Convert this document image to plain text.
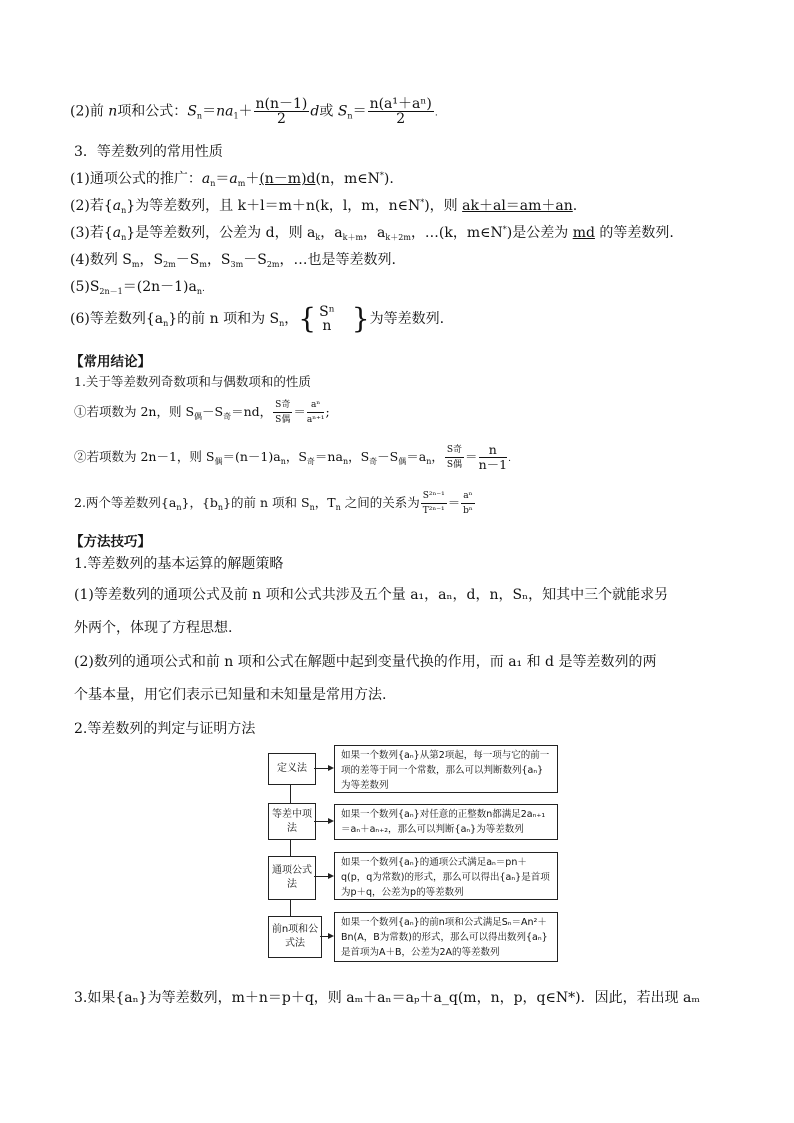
(2)前 n项和公式：$S_n=na_1+ \frac{n(n-1)}{2}$ d或 $S_n= \frac{\text{n(a¹＋aⁿ)}}{2}$ .
3．等差数列的常用性质
(1)通项公式的推广：$a_n=a_m+(n-m)d(n$，m∈N*).
(2)若$\{a_n\}$为等差数列，且 k＋l＝m＋n(k，l，m，n∈N*)，则 ak＋al＝am＋an.
(3)若$\{a_n\}$是等差数列，公差为 d，则 $a_k$，$a_{k+m}$，$a_{k+2m}$，…(k，m∈N*)是公差为 md 的等差数列.
(4)数列 $S_m$，$S_{2m}-S_m$，$S_{3m}-S_{2m}$，…也是等差数列.
$(5)S_{2n-1}=(2n-1)a_n$.
(6)等差数列$\{a_n\}$的前 n 项和为 $S_n$，{ Sⁿ
n }为等差数列.
【常用结论】
1.关于等差数列奇数项和与偶数项和的性质
①若项数为 2n，则 $S_偶-S_奇=nd$， $\frac{\text{S奇}}{\text{S偶}} = \frac{\text{aⁿ}}{\text{aⁿ⁺¹}}$ ;
②若项数为 2n－1，则 $S_偶=(n-1)a_n$，$S_奇=na_n$，$S_奇-S_偶=a_n$， $\frac{\text{S奇}}{\text{S偶}} = \frac{n}{n-1}$ .
2.两个等差数列$\{a_n\}$，$\{b_n\}$的前 n 项和 $S_n$，$T_n$ 之间的关系为 $\frac{\text{S²ⁿ⁻¹}}{\text{T²ⁿ⁻¹}} = \frac{\text{aⁿ}}{\text{bⁿ}}$
【方法技巧】
1.等差数列的基本运算的解题策略
(1)等差数列的通项公式及前 n 项和公式共涉及五个量 a₁，aₙ，d，n，Sₙ，知其中三个就能求另
外两个，体现了方程思想.
(2)数列的通项公式和前 n 项和公式在解题中起到变量代换的作用，而 a₁ 和 d 是等差数列的两
个基本量，用它们表示已知量和未知量是常用方法.
2.等差数列的判定与证明方法
定义法
如果一个数列{aₙ}从第2项起，每一项与它的前一项的差等于同一个常数，那么可以判断数列{aₙ}为等差数列
等差中项法
如果一个数列{aₙ}对任意的正整数n都满足2aₙ₊₁＝aₙ＋aₙ₊₂，那么可以判断{aₙ}为等差数列
通项公式法
如果一个数列{aₙ}的通项公式满足aₙ＝pn＋q(p，q为常数)的形式，那么可以得出{aₙ}是首项为p＋q，公差为p的等差数列
前n项和公式法
如果一个数列{aₙ}的前n项和公式满足Sₙ＝An²＋Bn(A，B为常数)的形式，那么可以得出数列{aₙ}是首项为A＋B，公差为2A的等差数列
3.如果{aₙ}为等差数列，m＋n＝p＋q，则 aₘ＋aₙ＝aₚ＋a_q(m，n，p，q∈N*)．因此，若出现 aₘ
